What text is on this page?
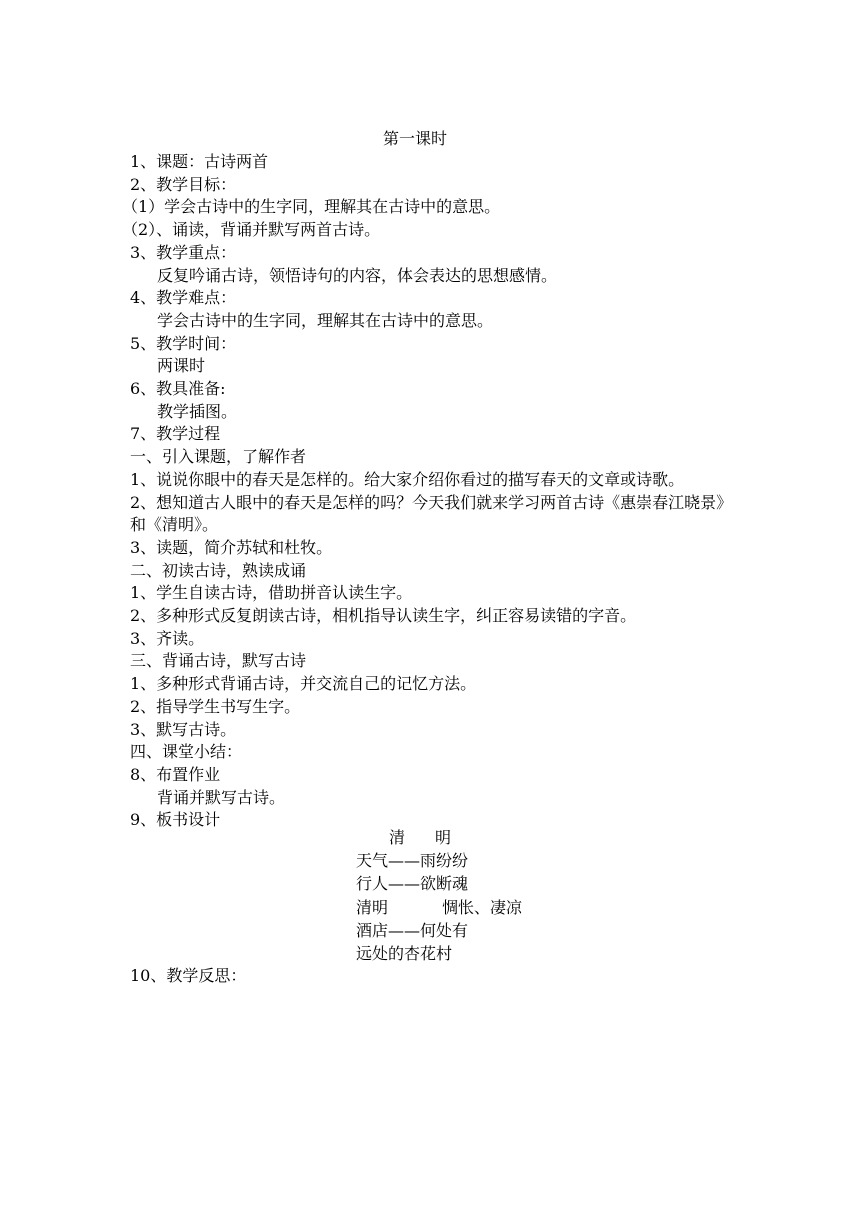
第一课时

1、课题：古诗两首

2、教学目标：

（1）学会古诗中的生字同，理解其在古诗中的意思。

（2）、诵读，背诵并默写两首古诗。

3、教学重点：

反复吟诵古诗，领悟诗句的内容，体会表达的思想感情。

4、教学难点：

学会古诗中的生字同，理解其在古诗中的意思。

5、教学时间：

两课时

6、教具准备:

教学插图。

7、教学过程

一、引入课题，了解作者

1、说说你眼中的春天是怎样的。给大家介绍你看过的描写春天的文章或诗歌。

2、想知道古人眼中的春天是怎样的吗？今天我们就来学习两首古诗《惠崇春江晓景》和《清明》。

3、读题，简介苏轼和杜牧。

二、初读古诗，熟读成诵

1、学生自读古诗，借助拼音认读生字。

2、多种形式反复朗读古诗，相机指导认读生字，纠正容易读错的字音。

3、齐读。

三、背诵古诗，默写古诗

1、多种形式背诵古诗，并交流自己的记忆方法。

2、指导学生书写生字。

3、默写古诗。

四、课堂小结：

8、布置作业

背诵并默写古诗。

9、板书设计

清 明

天气——雨纷纷

行人——欲断魂

清明	惆怅、凄凉

酒店——何处有

远处的杏花村

10、教学反思：
